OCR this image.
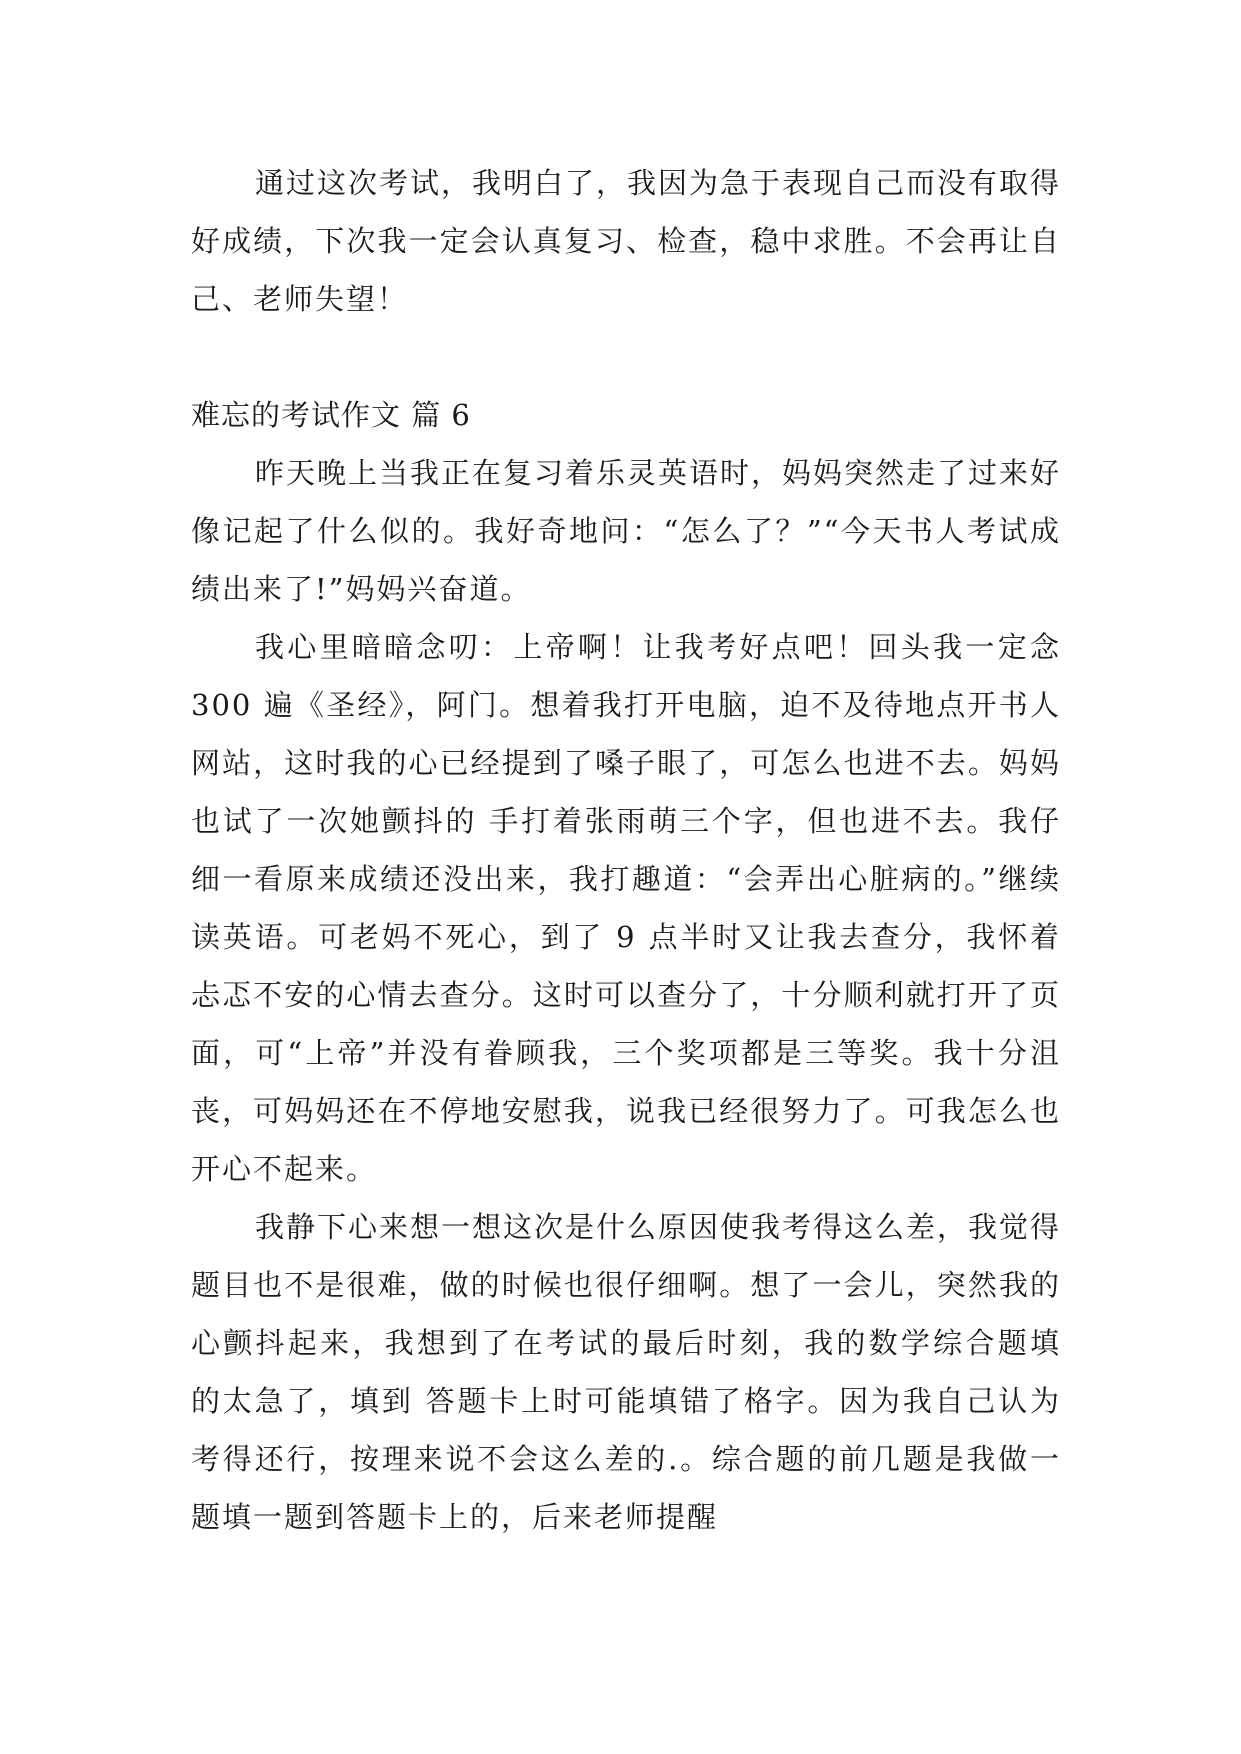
通过这次考试，我明白了，我因为急于表现自己而没有取得好成绩，下次我一定会认真复习、检查，稳中求胜。不会再让自己、老师失望！

难忘的考试作文 篇 6

昨天晚上当我正在复习着乐灵英语时，妈妈突然走了过来好像记起了什么似的。我好奇地问：“怎么了？”“今天书人考试成绩出来了!”妈妈兴奋道。

我心里暗暗念叨：上帝啊！让我考好点吧！回头我一定念 300 遍《圣经》，阿门。想着我打开电脑，迫不及待地点开书人网站，这时我的心已经提到了嗓子眼了，可怎么也进不去。妈妈也试了一次她颤抖的 手打着张雨萌三个字，但也进不去。我仔细一看原来成绩还没出来，我打趣道：“会弄出心脏病的。”继续读英语。可老妈不死心，到了 9 点半时又让我去查分，我怀着忐忑不安的心情去查分。这时可以查分了，十分顺利就打开了页面，可“上帝”并没有眷顾我，三个奖项都是三等奖。我十分沮丧，可妈妈还在不停地安慰我，说我已经很努力了。可我怎么也开心不起来。

我静下心来想一想这次是什么原因使我考得这么差，我觉得题目也不是很难，做的时候也很仔细啊。想了一会儿，突然我的心颤抖起来，我想到了在考试的最后时刻，我的数学综合题填 的太急了，填到 答题卡上时可能填错了格字。因为我自己认为考得还行，按理来说不会这么差的.。综合题的前几题是我做一题填一题到答题卡上的，后来老师提醒
